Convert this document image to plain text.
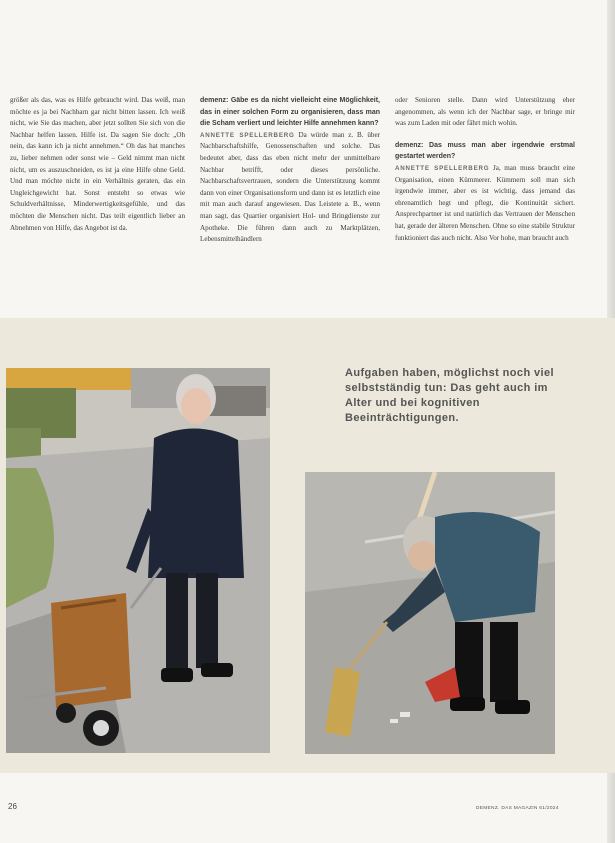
größer als das, was es Hilfe gebraucht wird. Das weiß, man möchte es ja bei Nachbarn gar nicht bitten lassen. Ich weiß nicht, wie Sie das machen, aber jetzt sollten Sie sich von die Nachbar helfen lassen. Hilfe ist. Da sagen Sie doch: „Oh nein, das kann ich ja nicht annehmen.“ Oh das hat manches zu, lieber nehmen oder sonst wie – Geld nimmt man nicht nicht, um es auszuschneiden, es ist ja eine Hilfe ohne Geld. Und man möchte nicht in ein Verhältnis geraten, das ein Ungleichgewicht hat. Sonst entsteht so etwas wie Schuldverhältnisse, Minderwertigkeitsgefühle, und das möchten die Menschen nicht. Das teilt eigentlich lieber an Abnehmen von Hilfe, das Angebot ist da.

demenz: Gäbe es da nicht vielleicht eine Möglichkeit, das in einer solchen Form zu organisieren, dass man die Scham verliert und leichter Hilfe annehmen kann?

ANNETTE SPELLERBERG Da würde man z. B. über Nachbarschaftshilfe, Genossenschaften und solche. Das bedeutet aber, dass das eben nicht mehr der unmittelbare Nachbar betrifft, oder dieses persönliche. Nachbarschaftsvertrauen, sondern die Unterstützung kommt dann von einer Organisationsform und dann ist es letztlich eine mit man auch darauf angewiesen. Das Leistete a. B., wenn man sagt, das Quartier organisiert Hol- und Bringdienste zur Apotheke. Die führen dann auch zu Marktplätzen, Lebensmittelhändlern

oder Senioren stelle. Dann wird Unterstützung eher angenommen, als wenn ich der Nachbar sage, er bringe mir was zum Laden mit oder fährt mich wohin.

demenz: Das muss man aber irgendwie erstmal gestartet werden?

ANNETTE SPELLERBERG Ja, man muss braucht eine Organisation, einen Kümmerer. Kümmern soll man sich irgendwie immer, aber es ist wichtig, dass jemand das ehrenamtlich hegt und pflegt, die Kontinuität sichert. Ansprechpartner ist und natürlich das Vertrauen der Menschen hat, gerade der älteren Menschen. Ohne so eine stabile Struktur funktioniert das auch nicht. Also Vor hohe, man braucht auch

Aufgaben haben, möglichst noch viel selbstständig tun: Das geht auch im Alter und bei kognitiven Beeinträchtigungen.
26	DEMENZ. DAS MAGAZIN 61/2024
